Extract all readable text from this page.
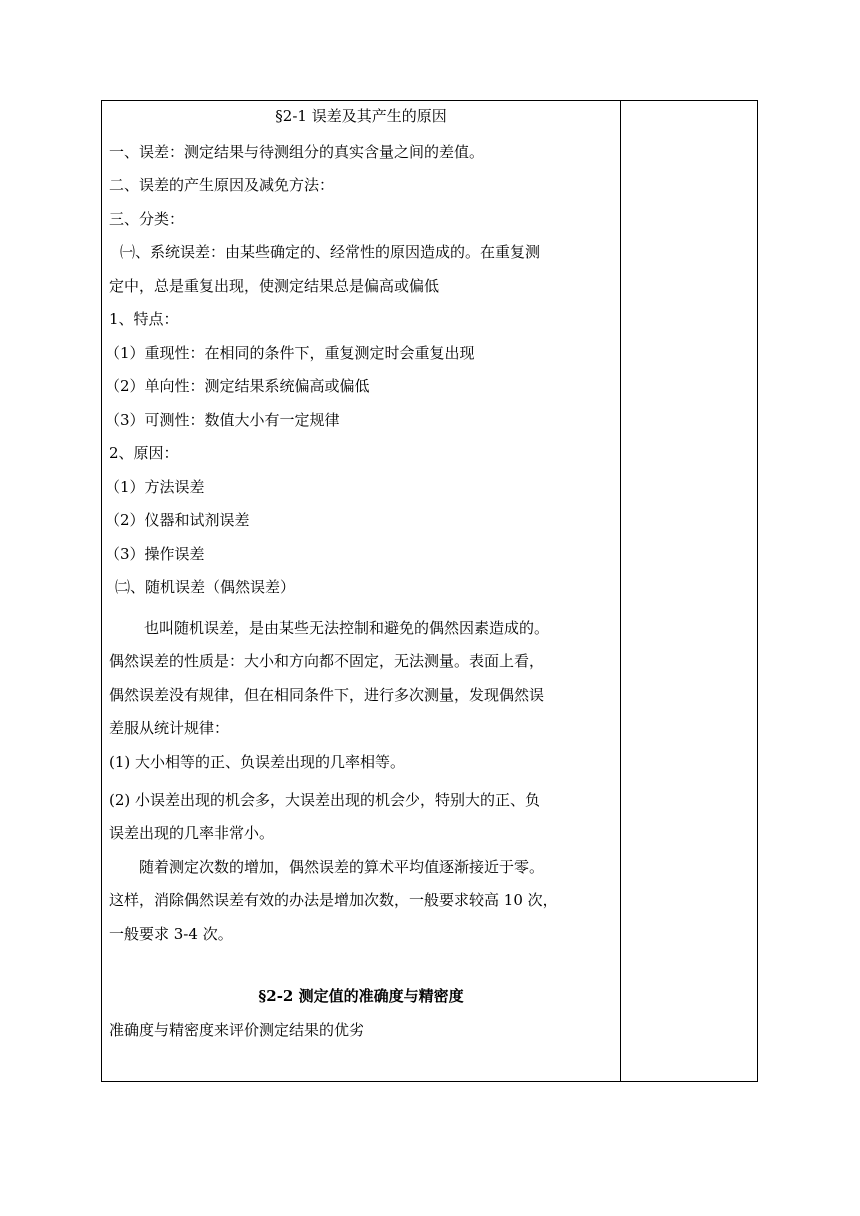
§2-1 误差及其产生的原因
一、误差：测定结果与待测组分的真实含量之间的差值。
二、误差的产生原因及减免方法：
三、分类：
㈠、系统误差：由某些确定的、经常性的原因造成的。在重复测
定中，总是重复出现，使测定结果总是偏高或偏低
1、特点：
（1）重现性：在相同的条件下，重复测定时会重复出现
（2）单向性：测定结果系统偏高或偏低
（3）可测性：数值大小有一定规律
2、原因：
（1）方法误差
（2）仪器和试剂误差
（3）操作误差
㈡、随机误差（偶然误差）
也叫随机误差，是由某些无法控制和避免的偶然因素造成的。
偶然误差的性质是：大小和方向都不固定，无法测量。表面上看，
偶然误差没有规律，但在相同条件下，进行多次测量，发现偶然误
差服从统计规律：
(1) 大小相等的正、负误差出现的几率相等。
(2) 小误差出现的机会多，大误差出现的机会少，特别大的正、负
误差出现的几率非常小。
随着测定次数的增加，偶然误差的算术平均值逐渐接近于零。
这样，消除偶然误差有效的办法是增加次数，一般要求较高 10 次，
一般要求 3-4 次。
§2-2 测定值的准确度与精密度
准确度与精密度来评价测定结果的优劣
